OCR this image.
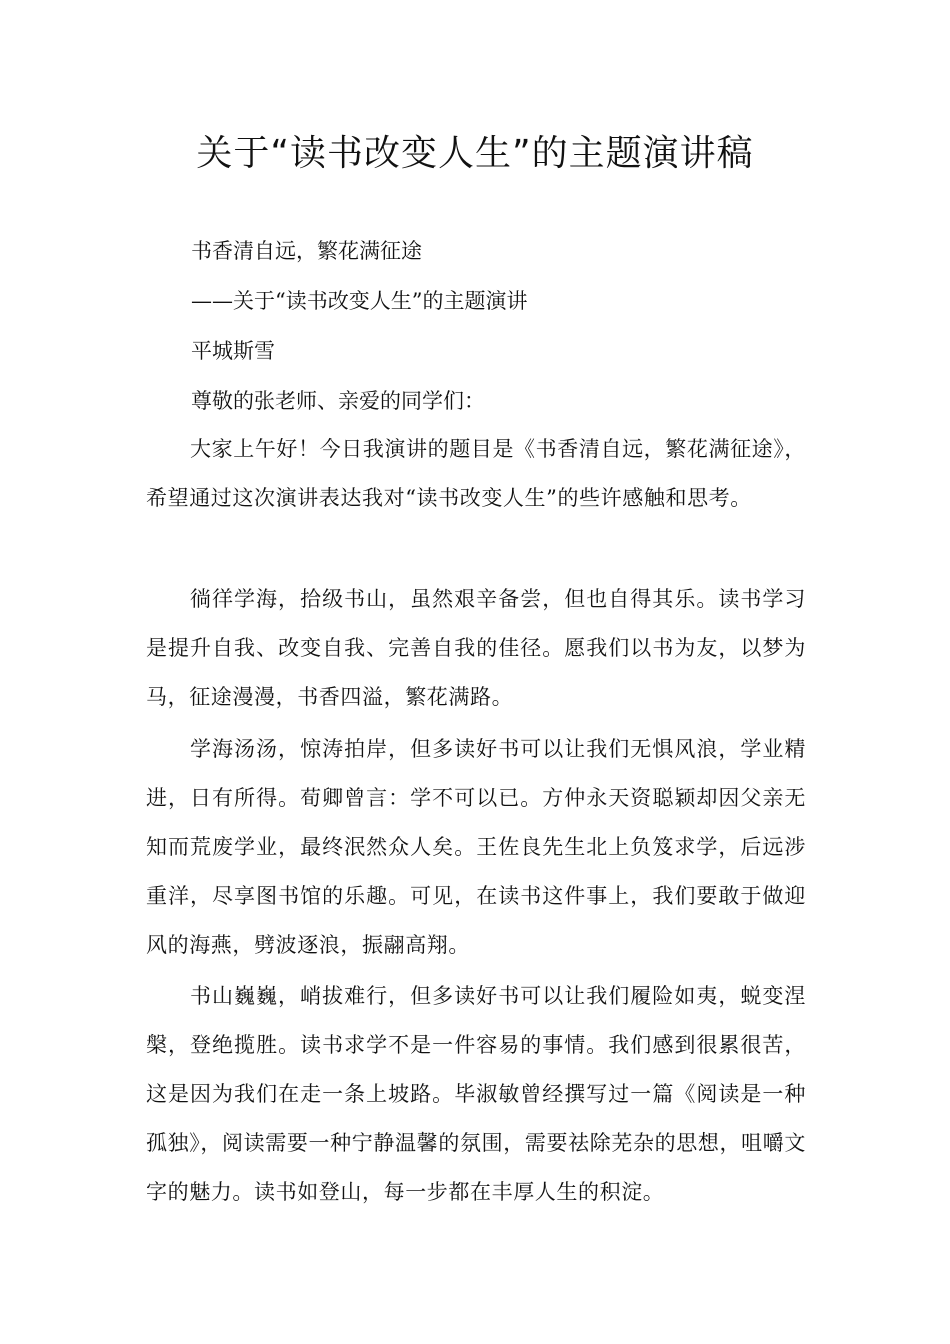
关于“读书改变人生”的主题演讲稿

书香清自远，繁花满征途

——关于“读书改变人生”的主题演讲

平城斯雪

尊敬的张老师、亲爱的同学们：

大家上午好！今日我演讲的题目是《书香清自远，繁花满征途》，希望通过这次演讲表达我对“读书改变人生”的些许感触和思考。

徜徉学海，拾级书山，虽然艰辛备尝，但也自得其乐。读书学习是提升自我、改变自我、完善自我的佳径。愿我们以书为友，以梦为马，征途漫漫，书香四溢，繁花满路。

学海汤汤，惊涛拍岸，但多读好书可以让我们无惧风浪，学业精进，日有所得。荀卿曾言：学不可以已。方仲永天资聪颖却因父亲无知而荒废学业，最终泯然众人矣。王佐良先生北上负笈求学，后远涉重洋，尽享图书馆的乐趣。可见，在读书这件事上，我们要敢于做迎风的海燕，劈波逐浪，振翮高翔。

书山巍巍，峭拔难行，但多读好书可以让我们履险如夷，蜕变涅槃，登绝揽胜。读书求学不是一件容易的事情。我们感到很累很苦，这是因为我们在走一条上坡路。毕淑敏曾经撰写过一篇《阅读是一种孤独》，阅读需要一种宁静温馨的氛围，需要祛除芜杂的思想，咀嚼文字的魅力。读书如登山，每一步都在丰厚人生的积淀。
